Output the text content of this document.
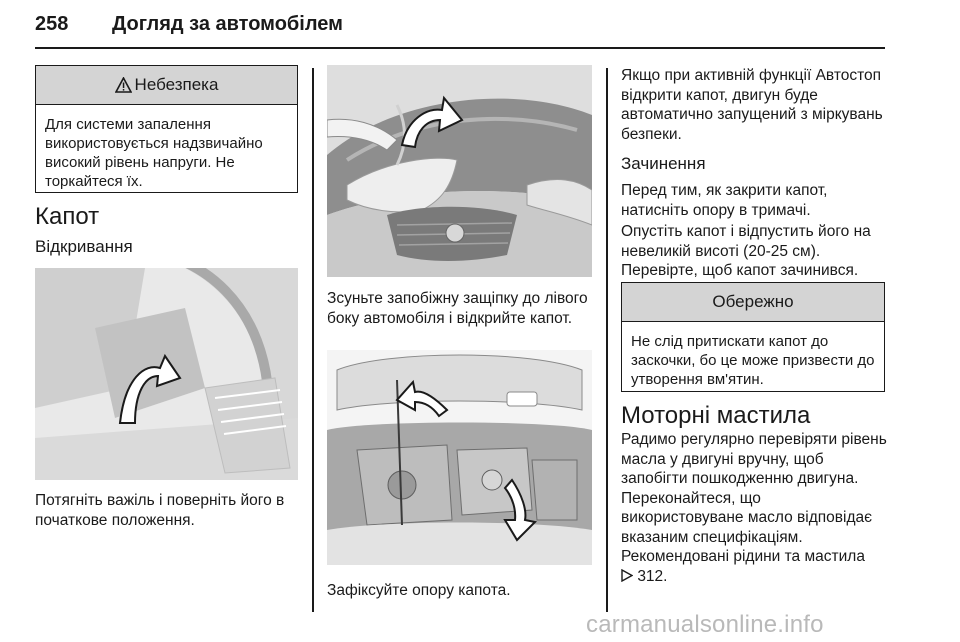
258 Догляд за автомобілем
Небезпека
Для системи запалення використовується надзвичайно високий рівень напруги. Не торкайтеся їх.
Капот
Відкривання
Потягніть важіль і поверніть його в початкове положення.
Зсуньте запобіжну защіпку до лівого боку автомобіля і відкрийте капот.
Зафіксуйте опору капота.
Якщо при активній функції Автостоп відкрити капот, двигун буде автоматично запущений з міркувань безпеки.
Зачинення
Перед тим, як закрити капот, натисніть опору в тримачі.
Опустіть капот і відпустить його на невеликій висоті (20-25 см). Перевірте, щоб капот зачинився.
Обережно
Не слід притискати капот до заскочки, бо це може призвести до утворення вм'ятин.
Моторні мастила
Радимо регулярно перевіряти рівень масла у двигуні вручну, щоб запобігти пошкодженню двигуна. Переконайтеся, що використовуване масло відповідає вказаним специфікаціям. Рекомендовані рідини та мастила

312.
carmanualsonline.info
